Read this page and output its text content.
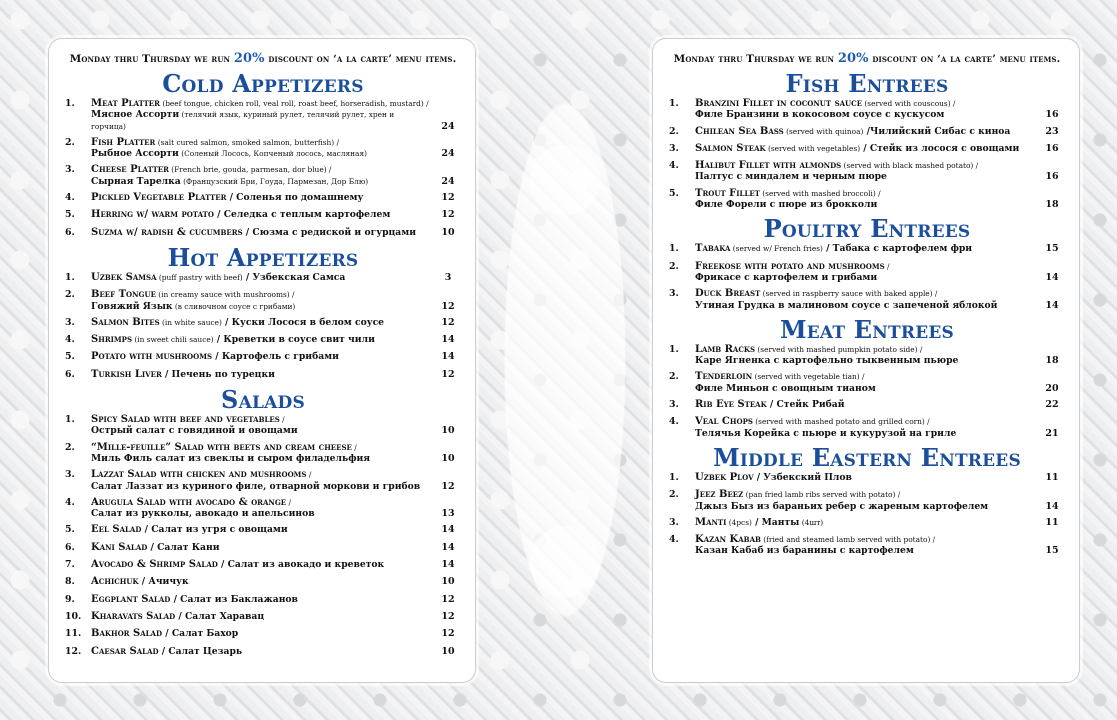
Monday thru Thursday we run 20% discount on ‘a la carte’ menu items.
Cold Appetizers
1.	Meat Platter (beef tongue, chicken roll, veal roll, roast beef, horseradish, mustard) /
Мясное Ассорти (телячий язык, куриный рулет, телячий рулет, хрен и горчица)	24
2.	Fish Platter (salt cured salmon, smoked salmon, butterfish) /
Рыбное Ассорти (Соленый Лосось, Копченый лосось, масляная)	24
3.	Cheese Platter (French brie, gouda, parmesan, dor blue) /
Сырная Тарелка (Французский Бри, Гоуда, Пармезан, Дор Блю)	24
4.	Pickled Vegetable Platter / Соленья по домашнему	12
5.	Herring w/ warm potato / Селедка с теплым картофелем	12
6.	Suzma w/ radish & cucumbers / Сюзма с редиской и огурцами	10
Hot Appetizers
1.	Uzbek Samsa (puff pastry with beef) / Узбекская Самса	3
2.	Beef Tongue (in creamy sauce with mushrooms) /
Говяжий Язык (в сливочном соусе с грибами)	12
3.	Salmon Bites (in white sauce) / Куски Лосося в белом соусе	12
4.	Shrimps (in sweet chili sauce) / Креветки в соусе свит чили	14
5.	Potato with mushrooms / Картофель с грибами	14
6.	Turkish Liver / Печень по турецки	12
Salads
1.	Spicy Salad with beef and vegetables /
Острый салат с говядиной и овощами	10
2.	“Mille-feuille” Salad with beets and cream cheese /
Миль Филь салат из свеклы и сыром филадельфия	10
3.	Lazzat Salad with chicken and mushrooms /
Салат Лаззат из куриного филе, отварной моркови и грибов	12
4.	Arugula Salad with avocado & orange /
Салат из рукколы, авокадо и апельсинов	13
5.	Eel Salad / Салат из угря с овощами	14
6.	Kani Salad / Салат Кани	14
7.	Avocado & Shrimp Salad / Салат из авокадо и креветок	14
8.	Achichuk / Ачичук	10
9.	Eggplant Salad / Салат из Баклажанов	12
10. Kharavats Salad / Салат Харавац	12
11. Bakhor Salad / Салат Бахор	12
12. Caesar Salad / Салат Цезарь	10
Monday thru Thursday we run 20% discount on ‘a la carte’ menu items.
Fish Entrees
1.	Branzini Fillet in coconut sauce (served with couscous) /
Филе Бранзини в кокосовом соусе с кускусом	16
2.	Chilean Sea Bass (served with quinoa) /Чилийский Сибас с киноа	23
3.	Salmon Steak (served with vegetables) / Стейк из лосося с овощами	16
4.	Halibut Fillet with almonds (served with black mashed potato) /
Палтус с миндалем и черным пюре	16
5.	Trout Fillet (served with mashed broccoli) /
Филе Форели с пюре из брокколи	18
Poultry Entrees
1.	Tabaka (served w/ French fries) / Табака с картофелем фри	15
2.	Freekose with potato and mushrooms /
Фрикасе с картофелем и грибами	14
3.	Duck Breast (served in raspberry sauce with baked apple) /
Утиная Грудка в малиновом соусе с запеченой яблокой	14
Meat Entrees
1.	Lamb Racks (served with mashed pumpkin potato side) /
Каре Ягненка с картофельно тыквенным пьюре	18
2.	Tenderloin (served with vegetable tian) /
Филе Миньон с овощным тианом	20
3.	Rib Eye Steak / Стейк Рибай	22
4.	Veal Chops (served with mashed potato and grilled corn) /
Телячья Корейка с пьюре и кукурузой на гриле	21
Middle Eastern Entrees
1.	Uzbek Plov / Узбекский Плов	11
2.	Jeez Beez (pan fried lamb ribs served with potato) /
Джыз Быз из бараньих ребер с жареным картофелем	14
3.	Manti (4pcs) / Манты (4шт)	11
4.	Kazan Kabab (fried and steamed lamb served with potato) /
Казан Кабаб из баранины с картофелем	15
